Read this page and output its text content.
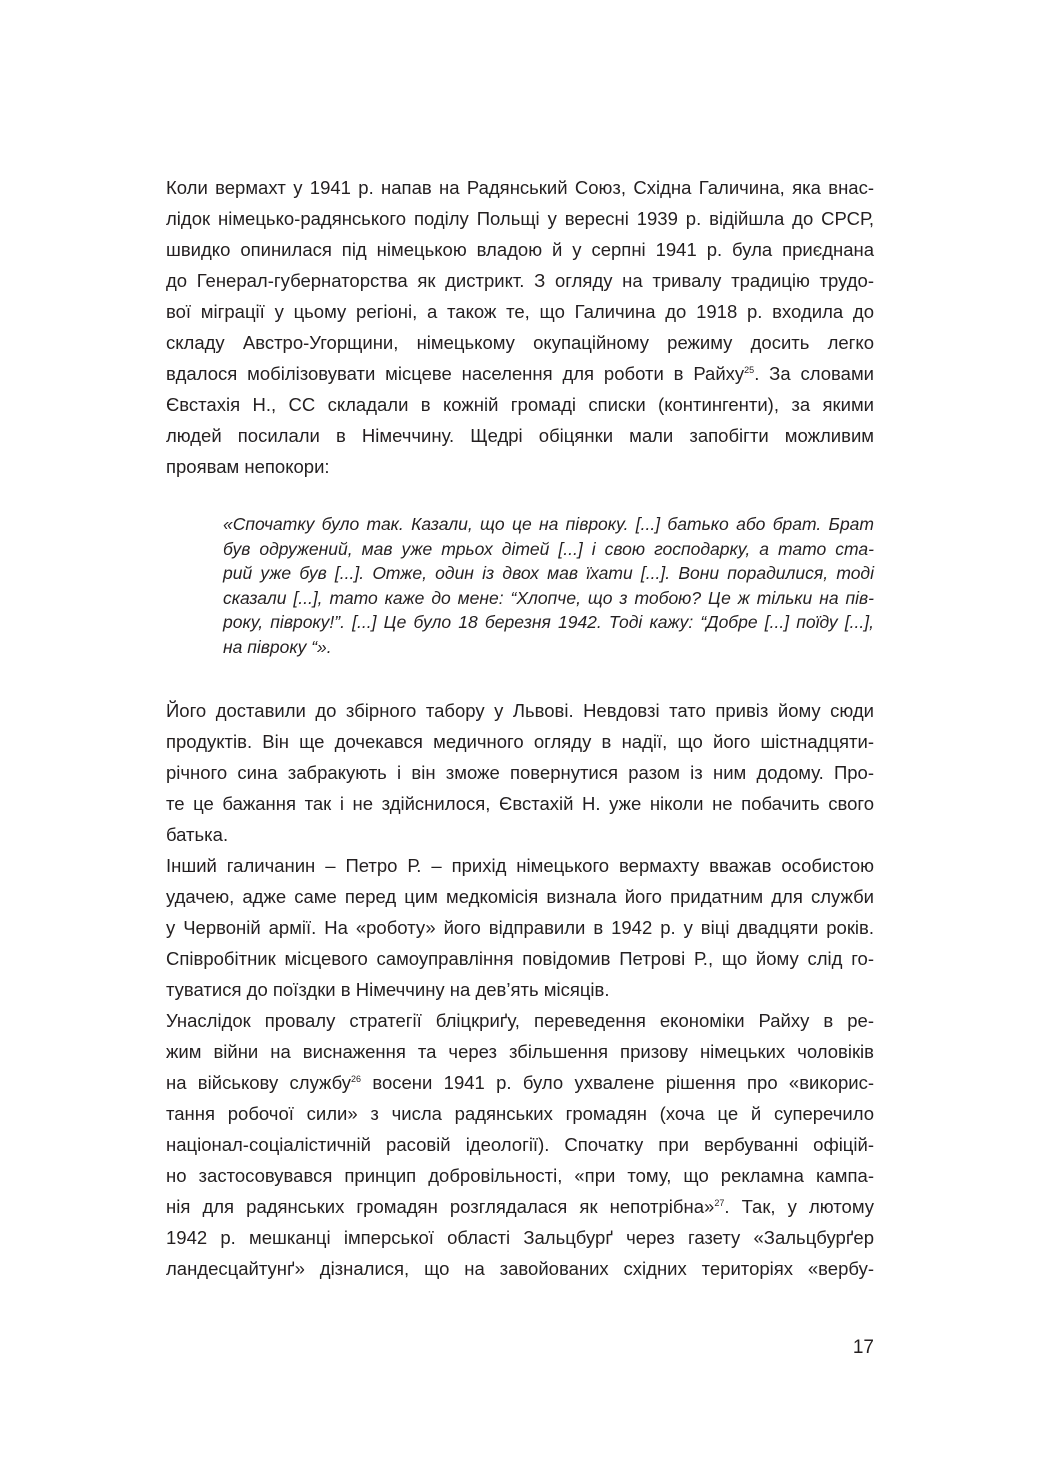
Коли вермахт у 1941 р. напав на Радянський Союз, Східна Галичина, яка внас-
лідок німецько-радянського поділу Польщі у вересні 1939 р. відійшла до СРСР,
швидко опинилася під німецькою владою й у серпні 1941 р. була приєднана
до Генерал-губернаторства як дистрикт. З огляду на тривалу традицію трудо-
вої міграції у цьому регіоні, а також те, що Галичина до 1918 р. входила до
складу Австро-Угорщини, німецькому окупаційному режиму досить легко
вдалося мобілізовувати місцеве населення для роботи в Райху$^{25}$. За словами
Євстахія Н., СС складали в кожній громаді списки (контингенти), за якими
людей посилали в Німеччину. Щедрі обіцянки мали запобігти можливим
проявам непокори:
«Спочатку було так. Казали, що це на півроку. [...] батько або брат. Брат
був одружений, мав уже трьох дітей [...] і свою господарку, а тато ста-
рий уже був [...]. Отже, один із двох мав їхати [...]. Вони порадилися, тоді
сказали [...], тато каже до мене: “Хлопче, що з тобою? Це ж тільки на пів-
року, півроку!”. [...] Це було 18 березня 1942. Тоді кажу: “Добре [...] поїду [...],
на півроку “».
Його доставили до збірного табору у Львові. Невдовзі тато привіз йому сюди
продуктів. Він ще дочекався медичного огляду в надії, що його шістнадцяти-
річного сина забракують і він зможе повернутися разом із ним додому. Про-
те це бажання так і не здійснилося, Євстахій Н. уже ніколи не побачить свого
батька.
Інший галичанин – Петро Р. – прихід німецького вермахту вважав особистою
удачею, адже саме перед цим медкомісія визнала його придатним для служби
у Червоній армії. На «роботу» його відправили в 1942 р. у віці двадцяти років.
Співробітник місцевого самоуправління повідомив Петрові Р., що йому слід го-
туватися до поїздки в Німеччину на дев’ять місяців.
Унаслідок провалу стратегії бліцкриґу, переведення економіки Райху в ре-
жим війни на виснаження та через збільшення призову німецьких чоловіків
на військову службу$^{26}$ восени 1941 р. було ухвалене рішення про «викорис-
тання робочої сили» з числа радянських громадян (хоча це й суперечило
націонал-соціалістичній расовій ідеології). Спочатку при вербуванні офіцій-
но застосовувався принцип добровільності, «при тому, що рекламна кампа-
нія для радянських громадян розглядалася як непотрібна»$^{27}$. Так, у лютому
1942 р. мешканці імперської області Зальцбурґ через газету «Зальцбурґер
ландесцайтунґ» дізналися, що на завойованих східних територіях «вербу-
17
